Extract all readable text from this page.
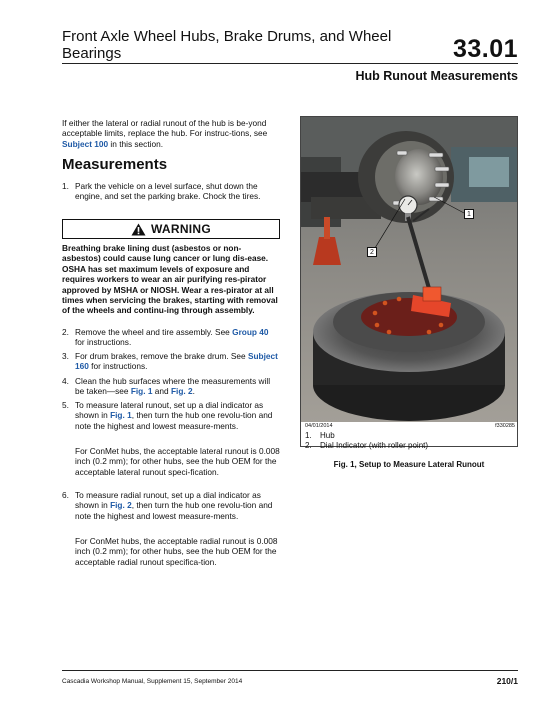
Front Axle Wheel Hubs, Brake Drums, and Wheel Bearings	33.01
Hub Runout Measurements

If either the lateral or radial runout of the hub is be-yond acceptable limits, replace the hub. For instruc-tions, see Subject 100 in this section.

Measurements
1. Park the vehicle on a level surface, shut down the engine, and set the parking brake. Chock the tires.
WARNING

Breathing brake lining dust (asbestos or non-asbestos) could cause lung cancer or lung dis-ease. OSHA has set maximum levels of exposure and requires workers to wear an air purifying res-pirator approved by MSHA or NIOSH. Wear a res-pirator at all times when servicing the brakes, starting with removal of the wheels and continu-ing through assembly.

2. Remove the wheel and tire assembly. See Group 40 for instructions.
3. For drum brakes, remove the brake drum. See Subject 160 for instructions.
4. Clean the hub surfaces where the measurements will be taken—see Fig. 1 and Fig. 2.
5. To measure lateral runout, set up a dial indicator as shown in Fig. 1, then turn the hub one revolu-tion and note the highest and lowest measure-ments.

For ConMet hubs, the acceptable lateral runout is 0.008 inch (0.2 mm); for other hubs, see the hub OEM for the acceptable lateral runout speci-fication.

6. To measure radial runout, set up a dial indicator as shown in Fig. 2, then turn the hub one revolu-tion and note the highest and lowest measure-ments.

For ConMet hubs, the acceptable radial runout is 0.008 inch (0.2 mm); for other hubs, see the hub OEM for the acceptable radial runout specifica-tion.

1
2
04/01/2014	f330285
1. Hub
2. Dial Indicator (with roller point)
Fig. 1, Setup to Measure Lateral Runout
Cascadia Workshop Manual, Supplement 15, September 2014	210/1
